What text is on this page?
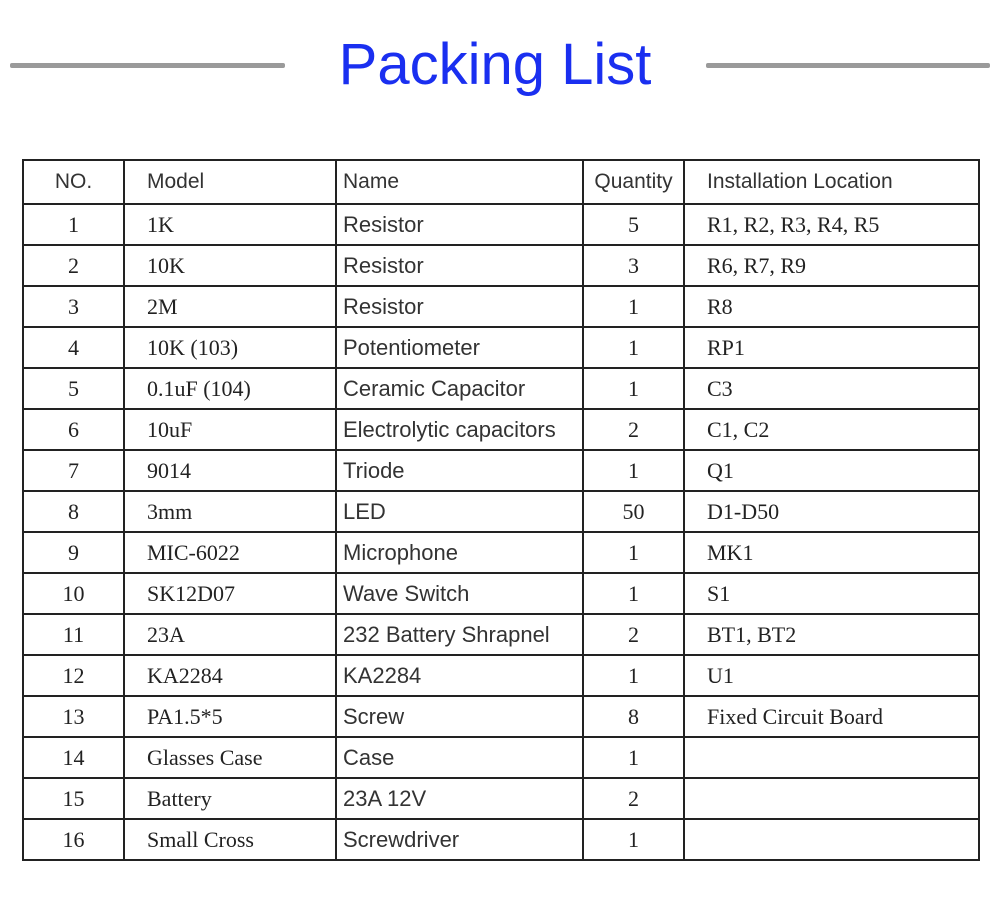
Packing List
NO.	Model	Name	Quantity	Installation Location
1	1K	Resistor	5	R1, R2, R3, R4, R5
2	10K	Resistor	3	R6, R7, R9
3	2M	Resistor	1	R8
4	10K (103)	Potentiometer	1	RP1
5	0.1uF (104)	Ceramic Capacitor	1	C3
6	10uF	Electrolytic capacitors	2	C1, C2
7	9014	Triode	1	Q1
8	3mm	LED	50	D1-D50
9	MIC-6022	Microphone	1	MK1
10	SK12D07	Wave Switch	1	S1
11	23A	232 Battery Shrapnel	2	BT1, BT2
12	KA2284	KA2284	1	U1
13	PA1.5*5	Screw	8	Fixed Circuit Board
14	Glasses Case	Case	1	
15	Battery	23A 12V	2	
16	Small Cross	Screwdriver	1	
